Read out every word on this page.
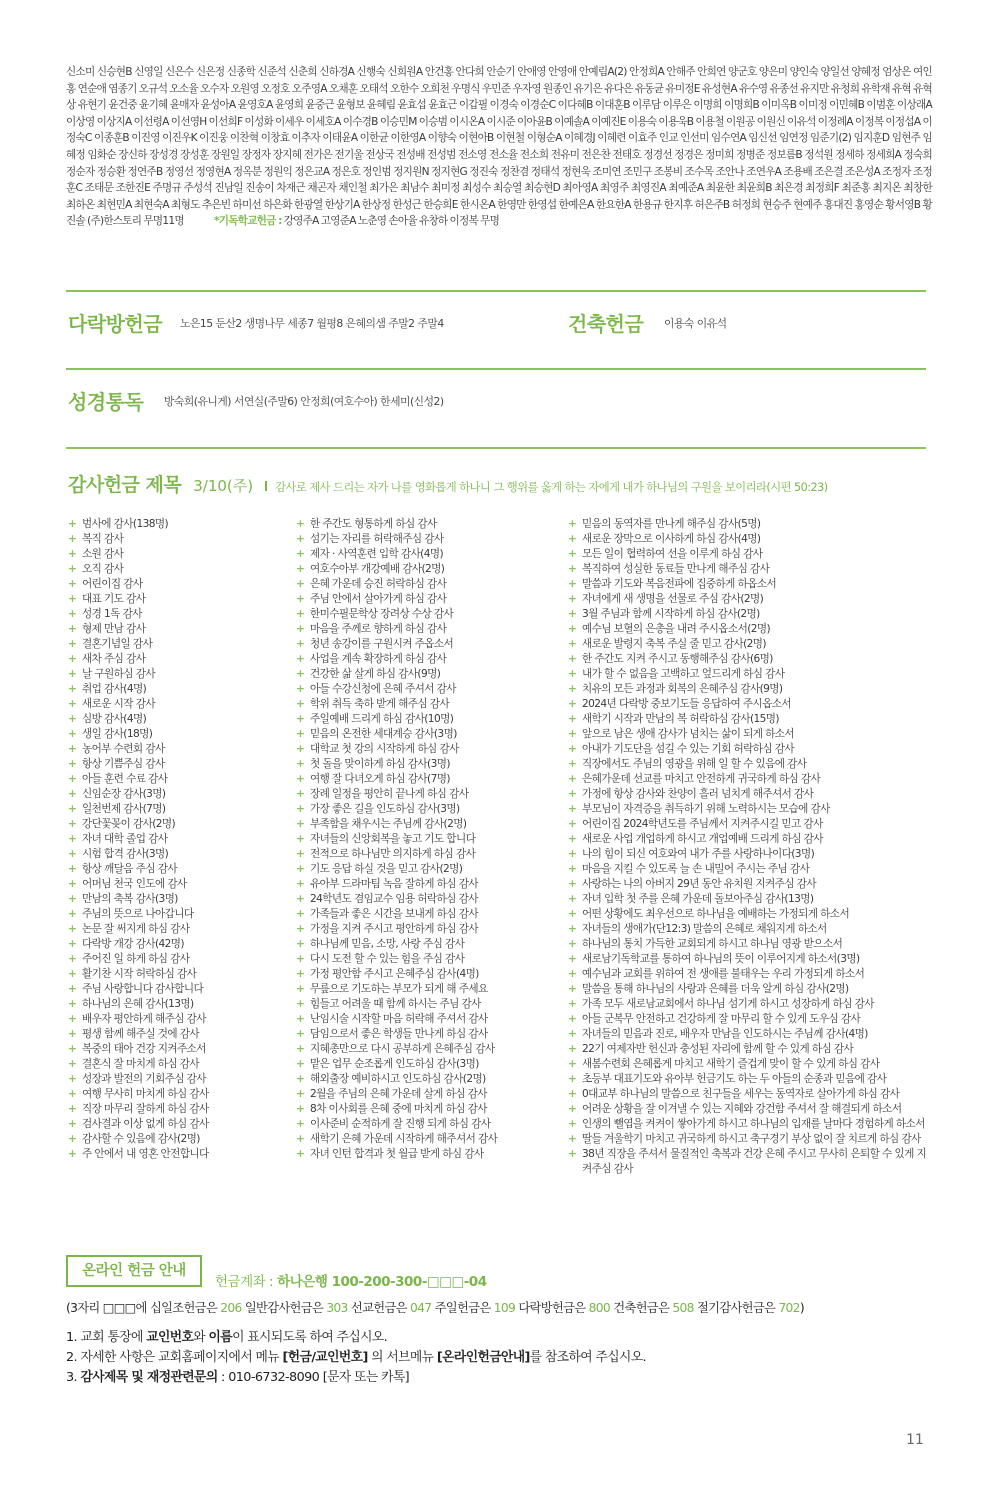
신소미 신승현B 신영일 신은수 신은정 신종학 신준석 신춘희 신하경A 신행숙 신희원A 안건홍 안다희 안순기 안애영 안영애 안예림A(2) 안정희A 안해주 안희연 양군호 양은미 양인숙 양일선 양혜정 엄상은 여인홍 연순애 염종기 오규석 오소율 오수자 오원영 오정호 오주영A 오채훈 오태석 오한수 오희천 우명식 우민준 우자영 원종인 유기은 유다은 유동균 유미정E 유성현A 유수영 유종선 유지만 유청희 유학재 유혁 유혁상 유현기 윤건중 윤기혜 윤매자 윤성아A 윤영호A 윤영희 윤중근 윤형보 윤혜림 윤효섭 윤효근 이갑필 이경숙 이경순C 이다혜B 이대훈B 이루담 이루은 이명희 이명희B 이미옥B 이미정 이민혜B 이범훈 이상래A 이상영 이상지A 이선령A 이선영H 이선희F 이성화 이세우 이세호A 이수경B 이승민M 이승범 이시온A 이시준 이아윤B 이예솔A 이예진E 이용숙 이용욱B 이용철 이원공 이원신 이유석 이정례A 이정복 이정섭A 이정숙C 이종훈B 이진영 이진우K 이진웅 이찬혁 이창효 이추자 이태윤A 이한균 이한영A 이향숙 이현아B 이현철 이형순A 이혜경J 이혜련 이효주 인교 인선미 임수연A 임신선 임연정 임준기(2) 임지훈D 임현주 임혜정 임화순 장신하 장성경 장성훈 장원일 장정자 장지혜 전가은 전기울 전상국 전성배 전성범 전소영 전소율 전소희 전유미 전은찬 전태호 정경선 정경은 정미희 정병준 정보름B 정석원 정세하 정세희A 정숙희 정순자 정승환 정연주B 정영선 정영현A 정옥분 정원익 정은교A 정은호 정인범 정지원N 정지현G 정진숙 정찬겸 정태석 정현욱 조미연 조민구 조봉비 조수목 조안나 조연우A 조용배 조은결 조은성A 조정자 조정훈C 조태문 조한진E 주명규 주성석 진남일 진송이 차재근 채곤자 채인철 최가은 최남수 최미정 최성수 최승열 최승현D 최아영A 최영주 최영진A 최예준A 최윤한 최윤희B 최은경 최정희F 최준홍 최지온 최창한 최하온 최현민A 최현숙A 최형도 추은빈 하미선 하은화 한광열 한상기A 한상정 한성근 한승희E 한시온A 한영만 한영섭 한예은A 한요한A 한용규 한지후 허은주B 허정희 현승주 현예주 홍대진 홍영순 황서영B 황진솔 (주)한스토리 무명11명	*기독학교헌금 : 강영주A 고영준A 노춘영 손아율 유창하 이정복 무명
다락방헌금 노은15 둔산2 생명나무 세종7 월평8 은혜의샘 주말2 주말4	건축헌금 이용숙 이유석
성경통독 방숙희(유니게) 서연실(주말6) 안정희(여호수아) 한세미(신성2)
감사헌금 제목 3/10(주) 감사로 제사 드리는 자가 나를 영화롭게 하나니 그 행위를 옳게 하는 자에게 내가 하나님의 구원을 보이리라(시편 50:23)
+ 범사에 감사(138명)
+ 복직 감사
+ 소원 감사
+ 오직 감사
+ 어린이집 감사
+ 대표 기도 감사
+ 성경 1독 감사
+ 형제 만남 감사
+ 결혼기념일 감사
+ 새차 주심 감사
+ 날 구원하심 감사
+ 취업 감사(4명)
+ 새로운 시작 감사
+ 심방 감사(4명)
+ 생일 감사(18명)
+ 농어부 수련회 감사
+ 항상 기쁨주심 감사
+ 아들 훈련 수료 감사
+ 신임순장 감사(3명)
+ 일천번제 감사(7명)
+ 강단꽃꽂이 감사(2명)
+ 자녀 대학 졸업 감사
+ 시험 합격 감사(3명)
+ 항상 깨달음 주심 감사
+ 어머님 천국 인도에 감사
+ 만남의 축복 감사(3명)
+ 주님의 뜻으로 나아갑니다
+ 논문 잘 써지게 하심 감사
+ 다락방 개강 감사(42명)
+ 주어진 일 하게 하심 감사
+ 활기찬 시작 허락하심 감사
+ 주님 사랑합니다 감사합니다
+ 하나님의 은혜 감사(13명)
+ 배우자 평안하게 해주심 감사
+ 평생 함께 해주실 것에 감사
+ 복중의 태아 건강 지켜주소서
+ 결혼식 잘 마치게 하심 감사
+ 성장과 발전의 기회주심 감사
+ 여행 무사히 마치게 하심 감사
+ 직장 마무리 잘하게 하심 감사
+ 검사결과 이상 없게 하심 감사
+ 감사할 수 있음에 감사(2명)
+ 주 안에서 내 영혼 안전합니다
+ 한 주간도 형통하게 하심 감사
+ 섬기는 자리를 허락해주심 감사
+ 제자 · 사역훈련 입학 감사(4명)
+ 여호수아부 개강예배 감사(2명)
+ 은혜 가운데 승진 허락하심 감사
+ 주님 안에서 살아가게 하심 감사
+ 한미수필문학상 장려상 수상 감사
+ 마음을 주께로 향하게 하심 감사
+ 청년 송강이를 구원시켜 주옵소서
+ 사업을 계속 확장하게 하심 감사
+ 건강한 삶 살게 하심 감사(9명)
+ 아들 수강신청에 은혜 주셔서 감사
+ 학위 취득 축하 받게 해주심 감사
+ 주일예배 드리게 하심 감사(10명)
+ 믿음의 온전한 세대계승 감사(3명)
+ 대학교 첫 강의 시작하게 하심 감사
+ 첫 돌을 맞이하게 하심 감사(3명)
+ 여행 잘 다녀오게 하심 감사(7명)
+ 장례 일정을 평안히 끝나게 하심 감사
+ 가장 좋은 길을 인도하심 감사(3명)
+ 부족함을 채우시는 주님께 감사(2명)
+ 자녀들의 신앙회복을 놓고 기도 합니다
+ 전적으로 하나님만 의지하게 하심 감사
+ 기도 응답 하실 것을 믿고 감사(2명)
+ 유아부 드라마팀 녹음 잘하게 하심 감사
+ 24학년도 겸임교수 임용 허락하심 감사
+ 가족들과 좋은 시간을 보내게 하심 감사
+ 가정을 지켜 주시고 평안하게 하심 감사
+ 하나님께 믿음, 소망, 사랑 주심 감사
+ 다시 도전 할 수 있는 힘을 주심 감사
+ 가정 평안함 주시고 은혜주심 감사(4명)
+ 무릎으로 기도하는 부모가 되게 해 주세요
+ 힘들고 어려울 때 함께 하시는 주님 감사
+ 난임시술 시작할 마음 허락해 주셔서 감사
+ 담임으로서 좋은 학생들 만나게 하심 감사
+ 지혜총만으로 다시 공부하게 은혜주심 감사
+ 맡은 업무 순조롭게 인도하심 감사(3명)
+ 해외출장 예비하시고 인도하심 감사(2명)
+ 2월을 주님의 은혜 가운데 살게 하심 감사
+ 8차 이사회를 은혜 중에 마치게 하심 감사
+ 이사준비 순적하게 잘 진행 되게 하심 감사
+ 새학기 은혜 가운데 시작하게 해주셔서 감사
+ 자녀 인턴 합격과 첫 월급 받게 하심 감사
+ 믿음의 동역자를 만나게 해주심 감사(5명)
+ 새로운 장막으로 이사하게 하심 감사(4명)
+ 모든 일이 협력하여 선을 이루게 하심 감사
+ 복직하여 성실한 동료들 만나게 해주심 감사
+ 말씀과 기도와 복음전파에 집중하게 하옵소서
+ 자녀에게 새 생명을 선물로 주심 감사(2명)
+ 3월 주님과 함께 시작하게 하심 감사(2명)
+ 예수님 보혈의 은총을 내려 주시옵소서(2명)
+ 새로운 발령지 축복 주실 줄 믿고 감사(2명)
+ 한 주간도 지켜 주시고 동행해주심 감사(6명)
+ 내가 할 수 없음을 고백하고 엎드리게 하심 감사
+ 치유의 모든 과정과 회복의 은혜주심 감사(9명)
+ 2024년 다락방 중보기도들 응답하여 주시옵소서
+ 새학기 시작과 만남의 복 허락하심 감사(15명)
+ 앞으로 남은 생애 감사가 넘치는 삶이 되게 하소서
+ 아내가 기도단을 섬길 수 있는 기회 허락하심 감사
+ 직장에서도 주님의 영광을 위해 일 할 수 있음에 감사
+ 은혜가운데 선교를 마치고 안전하게 귀국하게 하심 감사
+ 가정에 항상 감사와 찬양이 흘러 넘치게 해주셔서 감사
+ 부모님이 자격증을 취득하기 위해 노력하시는 모습에 감사
+ 어린이집 2024학년도를 주님께서 지켜주시길 믿고 감사
+ 새로운 사업 개업하게 하시고 개업예배 드리게 하심 감사
+ 나의 힘이 되신 여호와여 내가 주를 사랑하나이다(3명)
+ 마음을 지킬 수 있도록 늘 손 내밀어 주시는 주님 감사
+ 사랑하는 나의 아버지 29년 동안 유치원 지켜주심 감사
+ 자녀 입학 첫 주를 은혜 가운데 돌보아주심 감사(13명)
+ 어떤 상황에도 최우선으로 하나님을 예배하는 가정되게 하소서
+ 자녀들의 생애가(단12:3) 말씀의 은혜로 채워지게 하소서
+ 하나님의 통치 가득한 교회되게 하시고 하나님 영광 받으소서
+ 새로남기독학교를 통하여 하나님의 뜻이 이루어지게 하소서(3명)
+ 예수님과 교회를 위하여 전 생애를 불태우는 우리 가정되게 하소서
+ 말씀을 통해 하나님의 사랑과 은혜를 더욱 알게 하심 감사(2명)
+ 가족 모두 새로남교회에서 하나님 섬기게 하시고 성장하게 하심 감사
+ 아들 군복무 안전하고 건강하게 잘 마무리 할 수 있게 도우심 감사
+ 자녀들의 믿음과 진로, 배우자 만남을 인도하시는 주님께 감사(4명)
+ 22기 여제자반 헌신과 충성된 자리에 함께 할 수 있게 하심 감사
+ 새봄수련회 은혜롭게 마치고 새학기 즐겁게 맞이 할 수 있게 하심 감사
+ 초등부 대표기도와 유아부 헌금기도 하는 두 아들의 순종과 믿음에 감사
+ 0대교부 하나님의 말씀으로 친구들을 세우는 동역자로 살아가게 하심 감사
+ 어려운 상황을 잘 이겨낼 수 있는 지혜와 강건함 주셔서 잘 해결되게 하소서
+ 인생의 뺄엽을 켜켜이 쌓아가게 하시고 하나님의 입재를 날마다 경험하게 하소서
+ 딸들 겨울학기 마치고 귀국하게 하시고 축구경기 부상 없이 잘 치르게 하심 감사
+ 38년 직장을 주셔서 물질적인 축복과 건강 은혜 주시고 무사히 은퇴할 수 있게 지켜주심 감사
온라인 헌금 안내
헌금계좌 : 하나은행 100-200-300-□□□-04
(3자리 □□□에 십일조헌금은 206 일반감사헌금은 303 선교헌금은 047 주일헌금은 109 다락방헌금은 800 건축헌금은 508 절기감사헌금은 702)
1. 교회 통장에 교인번호와 이름이 표시되도록 하여 주십시오.
2. 자세한 사항은 교회홈페이지에서 메뉴 [헌금/교인번호] 의 서브메뉴 [온라인헌금안내]를 참조하여 주십시오.
3. 감사제목 및 재정관련문의 : 010-6732-8090 [문자 또는 카톡]
11
